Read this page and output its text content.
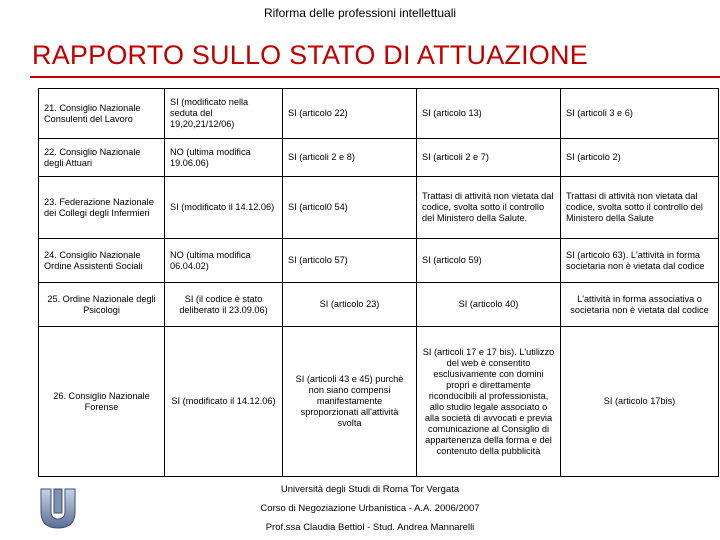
Riforma delle professioni intellettuali
RAPPORTO SULLO STATO DI ATTUAZIONE
21. Consiglio Nazionale Consulenti del Lavoro	SI (modificato nella seduta del 19,20,21/12/06)	SI (articolo 22)	SI (articolo 13)	SI (articoli 3 e 6)
22. Consiglio Nazionale degli Attuari	NO (ultima modifica 19.06.06)	SI (articoli 2 e 8)	SI (articoli 2 e 7)	SI (articolo 2)
23. Federazione Nazionale dei Collegi degli Infermieri	SI (modificato il 14.12.06)	SI (articol0 54)	Trattasi di attività non vietata dal codice, svolta sotto il controllo del Ministero della Salute.	Trattasi di attività non vietata dal codice, svolta sotto il controllo del Ministero della Salute
24. Consiglio Nazionale Ordine Assistenti Sociali	NO (ultima modifica 06.04.02)	SI (articolo 57)	SI (articolo 59)	SI (articolo 63). L'attività in forma societaria non è vietata dal codice
25. Ordine Nazionale degli Psicologi	SI (il codice è stato deliberato il 23.09.06)	SI (articolo 23)	SI (articolo 40)	L'attività in forma associativa o societaria non è vietata dal codice
26. Consiglio Nazionale Forense	SI (modificato il 14.12.06)	SI (articoli 43 e 45) purchè non siano compensi manifestamente sproporzionati all'attività svolta	SI (articoli 17 e 17 bis). L'utilizzo del web è consentito esclusivamente con domini propri e direttamente riconducibili al professionista, allo studio legale associato o alla società di avvocati e previa comunicazione al Consiglio di appartenenza della forma e del contenuto della pubblicità	SI (articolo 17bis)
Università degli Studi di Roma Tor Vergata
Corso di Negoziazione Urbanistica - A.A. 2006/2007
Prof.ssa Claudia Bettiol - Stud. Andrea Mannarelli
